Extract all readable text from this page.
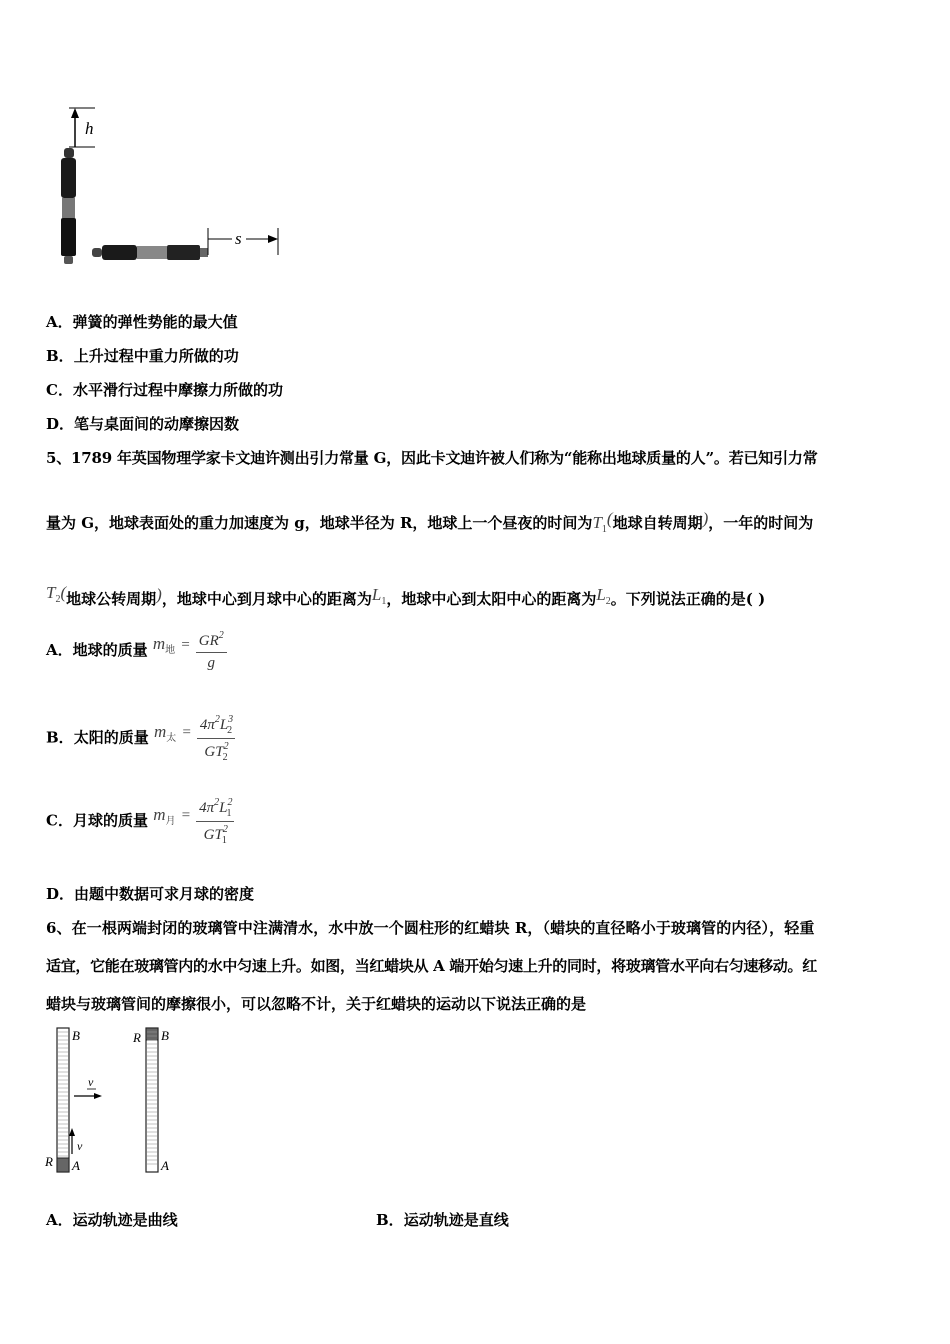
h
s
A．弹簧的弹性势能的最大值
B．上升过程中重力所做的功
C．水平滑行过程中摩擦力所做的功
D．笔与桌面间的动摩擦因数
5、1789 年英国物理学家卡文迪许测出引力常量 G，因此卡文迪许被人们称为“能称出地球质量的人”。若已知引力常
量为 G，地球表面处的重力加速度为 g，地球半径为 R，地球上一个昼夜的时间为$T_1$(地球自转周期)，一年的时间为
$T_2$(地球公转周期)，地球中心到月球中心的距离为$L_1$，地球中心到太阳中心的距离为$L_2$。下列说法正确的是( )
A．地球的质量 $m_地 = \frac{GR^2}{g}$
B．太阳的质量 $m_太 = \frac{4\pi^2L^3_2}{GT^2_2}$
C．月球的质量 $m_月 = \frac{4\pi^2L^2_1}{GT^2_1}$
D．由题中数据可求月球的密度
6、在一根两端封闭的玻璃管中注满清水，水中放一个圆柱形的红蜡块 R，（蜡块的直径略小于玻璃管的内径），轻重
适宜，它能在玻璃管内的水中匀速上升。如图，当红蜡块从 A 端开始匀速上升的同时，将玻璃管水平向右匀速移动。红
蜡块与玻璃管间的摩擦很小，可以忽略不计，关于红蜡块的运动以下说法正确的是
B
A
R
v
v
B
A
R
A．运动轨迹是曲线	B．运动轨迹是直线
